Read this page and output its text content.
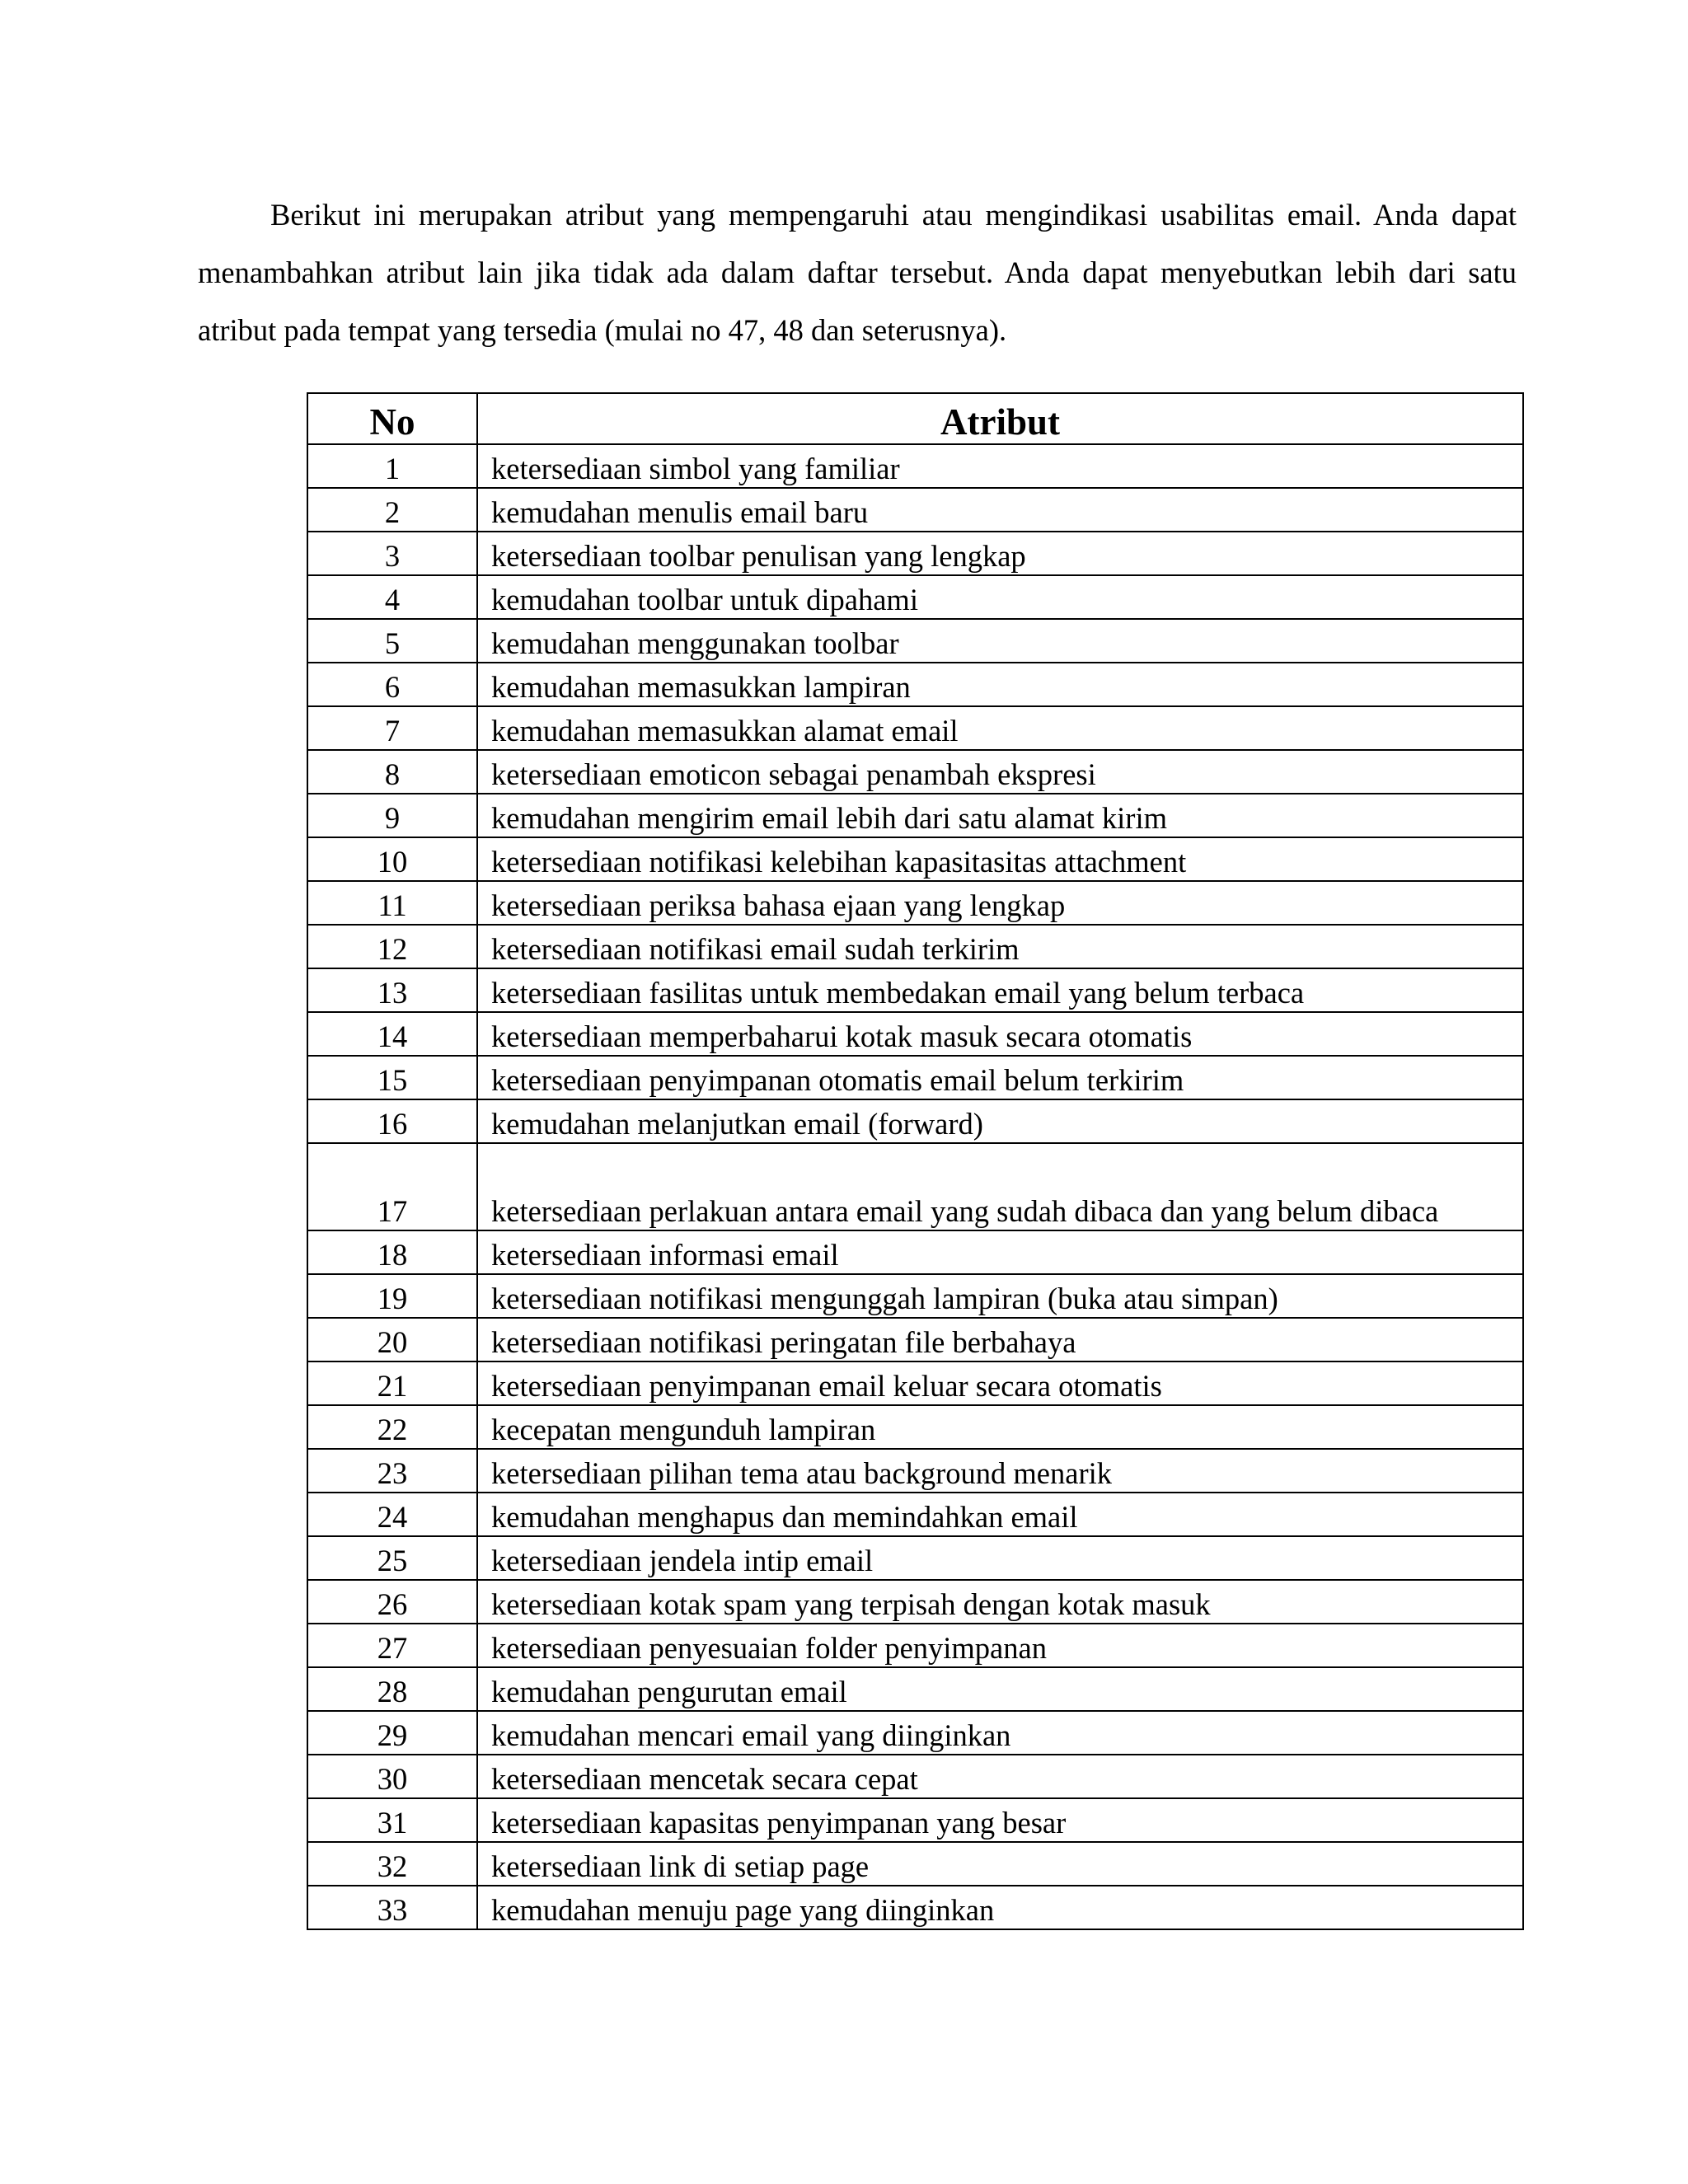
Berikut ini merupakan atribut yang mempengaruhi atau mengindikasi usabilitas email. Anda dapat menambahkan atribut lain jika tidak ada dalam daftar tersebut. Anda dapat menyebutkan lebih dari satu atribut pada tempat yang tersedia (mulai no 47, 48 dan seterusnya).

No	Atribut
1	ketersediaan simbol yang familiar
2	kemudahan menulis email baru
3	ketersediaan toolbar penulisan yang lengkap
4	kemudahan toolbar untuk dipahami
5	kemudahan menggunakan toolbar
6	kemudahan memasukkan lampiran
7	kemudahan memasukkan alamat email
8	ketersediaan emoticon sebagai penambah ekspresi
9	kemudahan mengirim email lebih dari satu alamat kirim
10	ketersediaan notifikasi kelebihan kapasitasitas attachment
11	ketersediaan periksa bahasa ejaan yang lengkap
12	ketersediaan notifikasi email sudah terkirim
13	ketersediaan fasilitas untuk membedakan email yang belum terbaca
14	ketersediaan memperbaharui kotak masuk secara otomatis
15	ketersediaan penyimpanan otomatis email belum terkirim
16	kemudahan melanjutkan email (forward)
17	ketersediaan perlakuan antara email yang sudah dibaca dan yang belum dibaca
18	ketersediaan informasi email
19	ketersediaan notifikasi mengunggah lampiran (buka atau simpan)
20	ketersediaan notifikasi peringatan file berbahaya
21	ketersediaan penyimpanan email keluar secara otomatis
22	kecepatan mengunduh lampiran
23	ketersediaan pilihan tema atau background menarik
24	kemudahan menghapus dan memindahkan email
25	ketersediaan jendela intip email
26	ketersediaan kotak spam yang terpisah dengan kotak masuk
27	ketersediaan penyesuaian folder penyimpanan
28	kemudahan pengurutan email
29	kemudahan mencari email yang diinginkan
30	ketersediaan mencetak secara cepat
31	ketersediaan kapasitas penyimpanan yang besar
32	ketersediaan link di setiap page
33	kemudahan menuju page yang diinginkan
